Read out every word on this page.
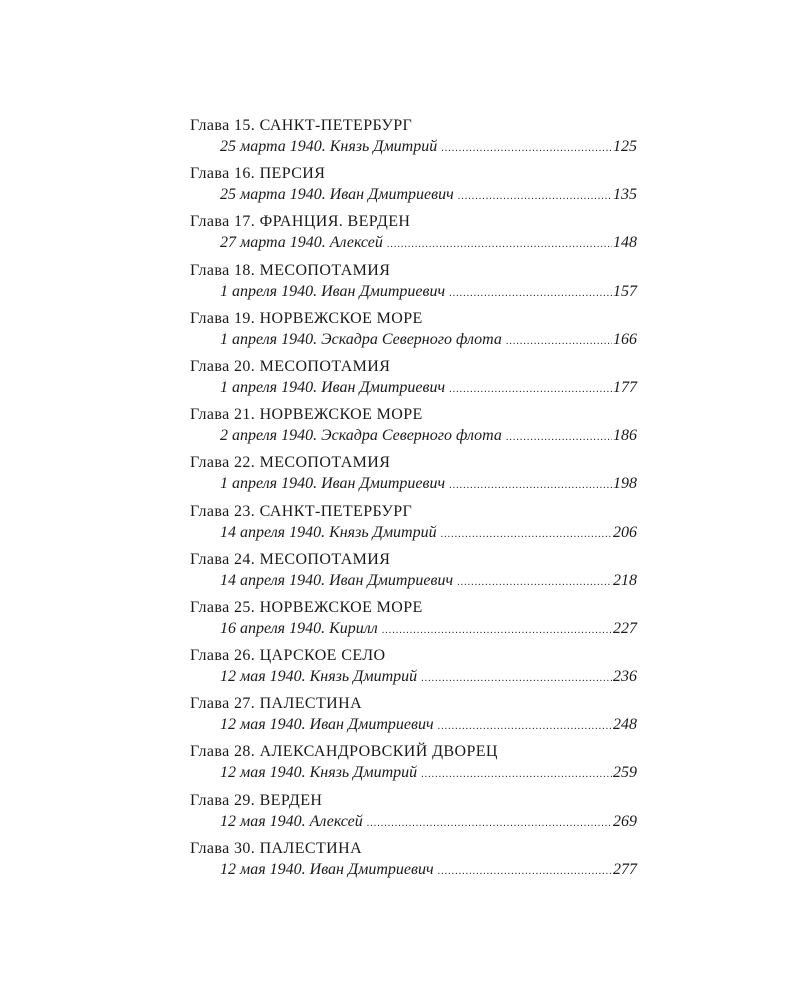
Глава 15. САНКТ-ПЕТЕРБУРГ
25 марта 1940. Князь Дмитрий .....	125
Глава 16. ПЕРСИЯ
25 марта 1940. Иван Дмитриевич .....	135
Глава 17. ФРАНЦИЯ. ВЕРДЕН
27 марта 1940. Алексей .....	148
Глава 18. МЕСОПОТАМИЯ
1 апреля 1940. Иван Дмитриевич .....	157
Глава 19. НОРВЕЖСКОЕ МОРЕ
1 апреля 1940. Эскадра Северного флота .....	166
Глава 20. МЕСОПОТАМИЯ
1 апреля 1940. Иван Дмитриевич .....	177
Глава 21. НОРВЕЖСКОЕ МОРЕ
2 апреля 1940. Эскадра Северного флота .....	186
Глава 22. МЕСОПОТАМИЯ
1 апреля 1940. Иван Дмитриевич .....	198
Глава 23. САНКТ-ПЕТЕРБУРГ
14 апреля 1940. Князь Дмитрий .....	206
Глава 24. МЕСОПОТАМИЯ
14 апреля 1940. Иван Дмитриевич .....	218
Глава 25. НОРВЕЖСКОЕ МОРЕ
16 апреля 1940. Кирилл .....	227
Глава 26. ЦАРСКОЕ СЕЛО
12 мая 1940. Князь Дмитрий .....	236
Глава 27. ПАЛЕСТИНА
12 мая 1940. Иван Дмитриевич .....	248
Глава 28. АЛЕКСАНДРОВСКИЙ ДВОРЕЦ
12 мая 1940. Князь Дмитрий .....	259
Глава 29. ВЕРДЕН
12 мая 1940. Алексей .....	269
Глава 30. ПАЛЕСТИНА
12 мая 1940. Иван Дмитриевич .....	277
